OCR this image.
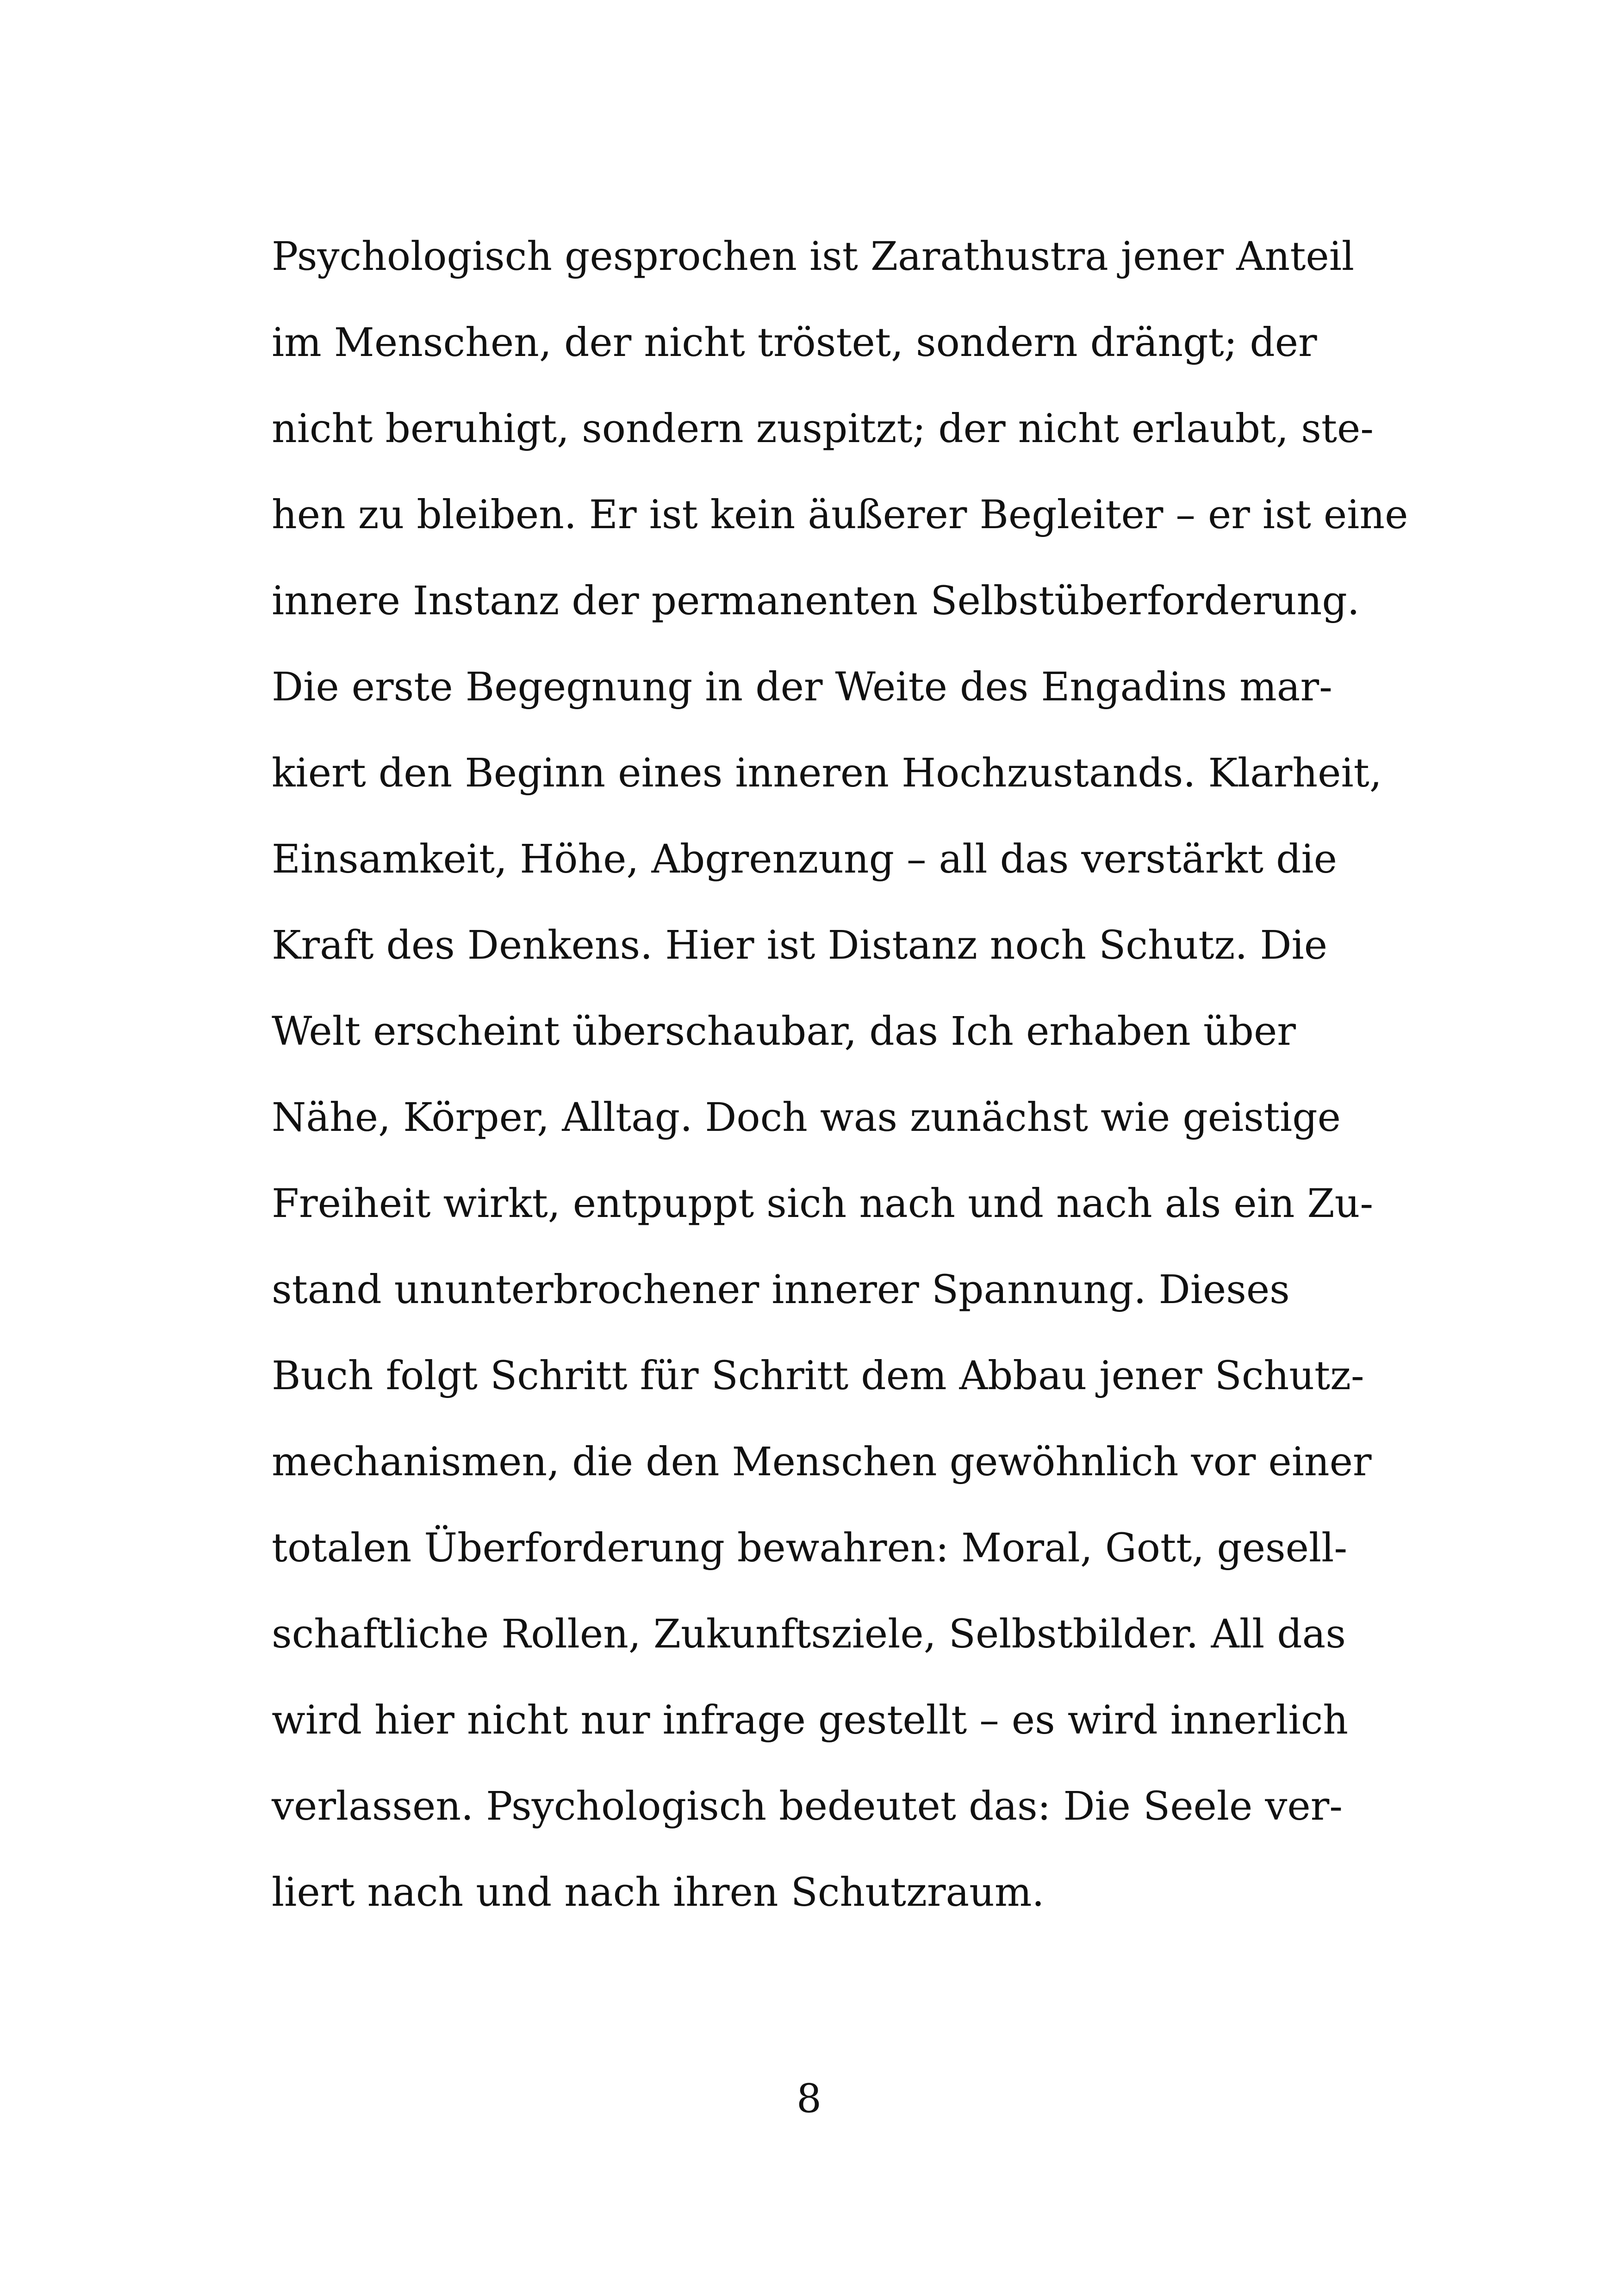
Psychologisch gesprochen ist Zarathustra jener Anteil
im Menschen, der nicht tröstet, sondern drängt; der
nicht beruhigt, sondern zuspitzt; der nicht erlaubt, ste-
hen zu bleiben. Er ist kein äußerer Begleiter – er ist eine
innere Instanz der permanenten Selbstüberforderung.
Die erste Begegnung in der Weite des Engadins mar-
kiert den Beginn eines inneren Hochzustands. Klarheit,
Einsamkeit, Höhe, Abgrenzung – all das verstärkt die
Kraft des Denkens. Hier ist Distanz noch Schutz. Die
Welt erscheint überschaubar, das Ich erhaben über
Nähe, Körper, Alltag. Doch was zunächst wie geistige
Freiheit wirkt, entpuppt sich nach und nach als ein Zu-
stand ununterbrochener innerer Spannung. Dieses
Buch folgt Schritt für Schritt dem Abbau jener Schutz-
mechanismen, die den Menschen gewöhnlich vor einer
totalen Überforderung bewahren: Moral, Gott, gesell-
schaftliche Rollen, Zukunftsziele, Selbstbilder. All das
wird hier nicht nur infrage gestellt – es wird innerlich
verlassen. Psychologisch bedeutet das: Die Seele ver-
liert nach und nach ihren Schutzraum.
8
